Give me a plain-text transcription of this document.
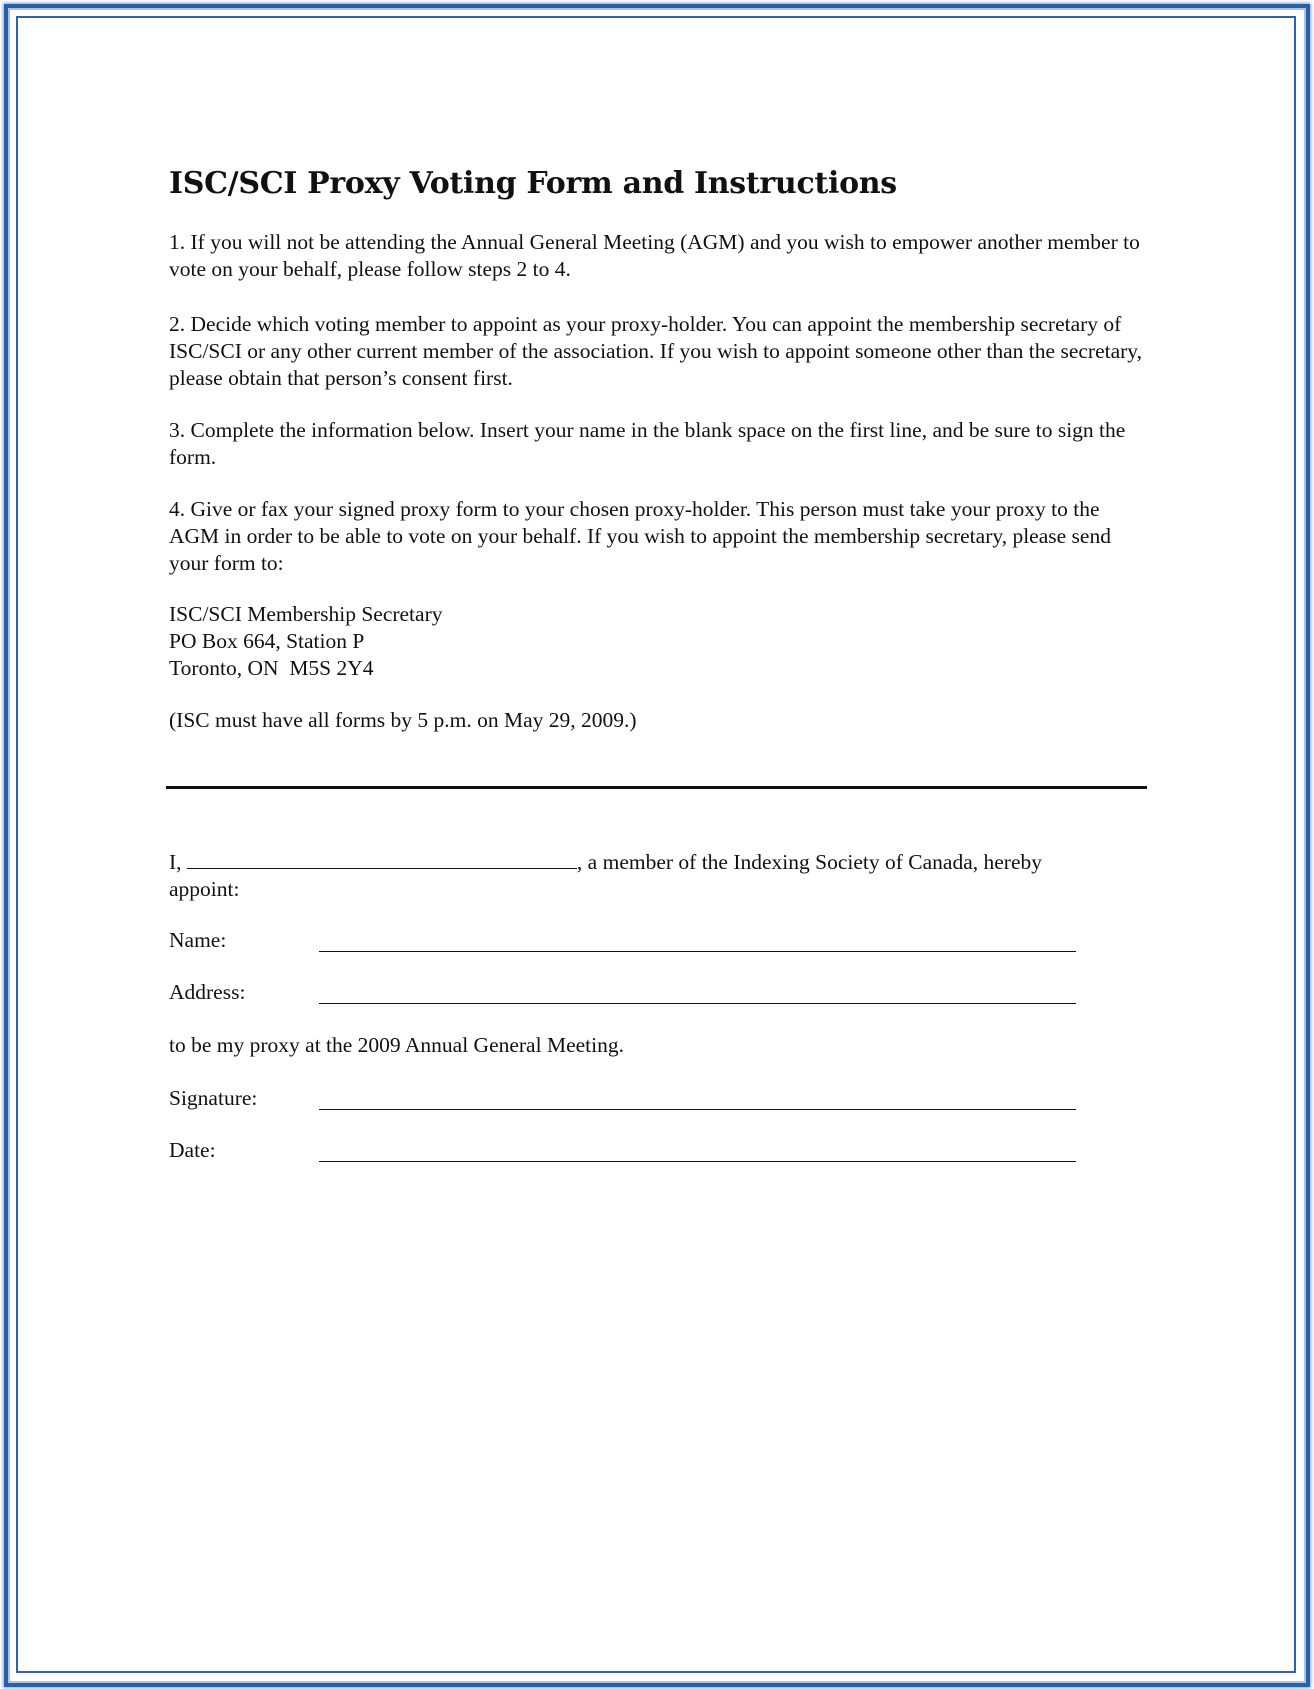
ISC/SCI Proxy Voting Form and Instructions

1. If you will not be attending the Annual General Meeting (AGM) and you wish to empower another member to vote on your behalf, please follow steps 2 to 4.

2. Decide which voting member to appoint as your proxy-holder. You can appoint the membership secretary of ISC/SCI or any other current member of the association. If you wish to appoint someone other than the secretary, please obtain that person’s consent first.

3. Complete the information below. Insert your name in the blank space on the first line, and be sure to sign the form.

4. Give or fax your signed proxy form to your chosen proxy-holder. This person must take your proxy to the AGM in order to be able to vote on your behalf. If you wish to appoint the membership secretary, please send your form to:

ISC/SCI Membership Secretary
PO Box 664, Station P
Toronto, ON  M5S 2Y4

(ISC must have all forms by 5 p.m. on May 29, 2009.)

I,	, a member of the Indexing Society of Canada, hereby appoint:

Name:
Address:
to be my proxy at the 2009 Annual General Meeting.
Signature:
Date:
